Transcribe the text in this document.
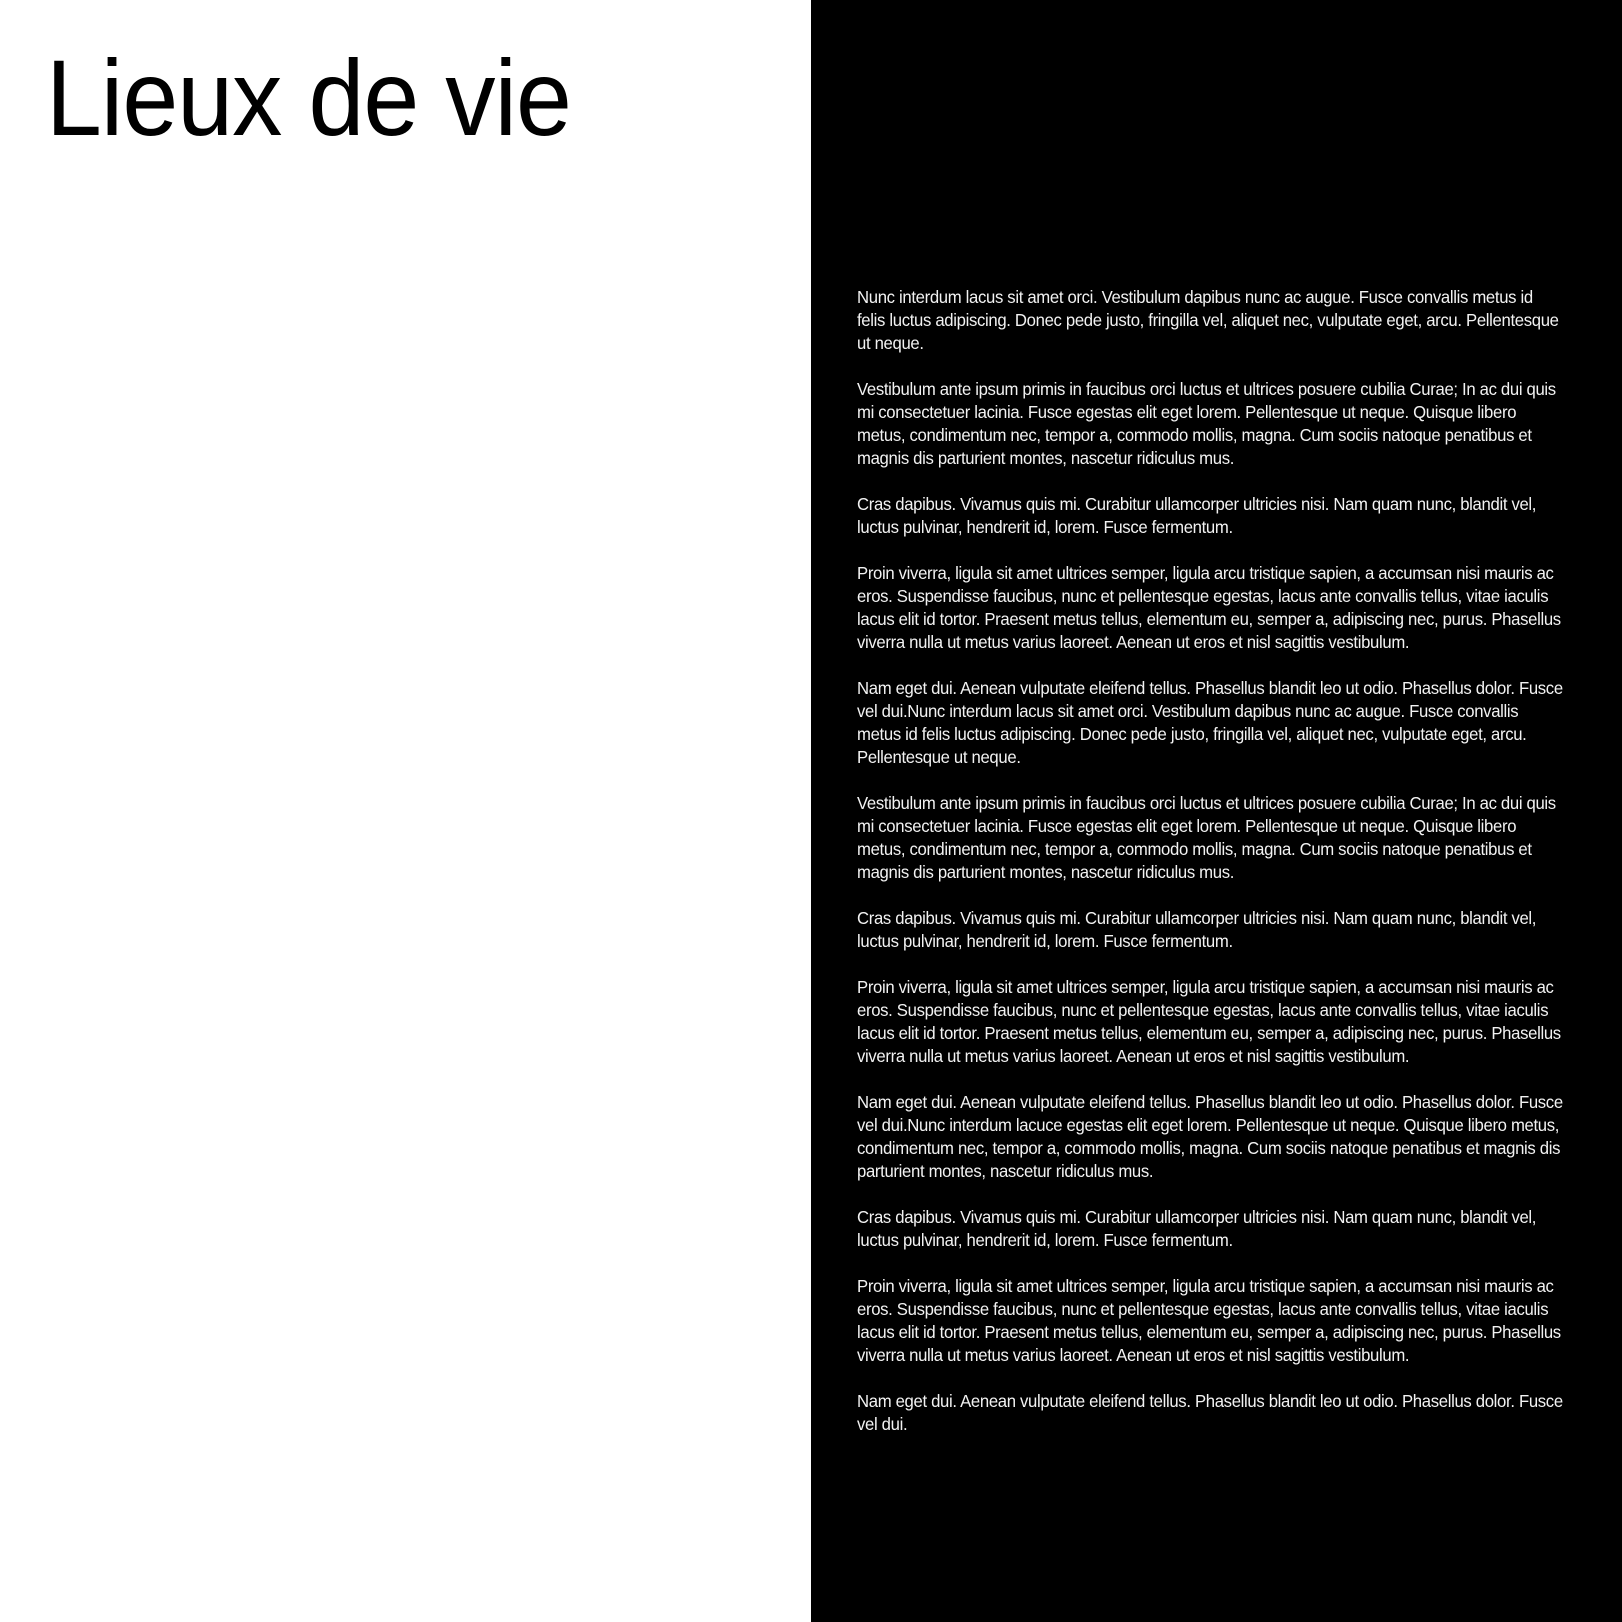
Lieux de vie

Nunc interdum lacus sit amet orci. Vestibulum dapibus nunc ac augue. Fusce convallis metus id felis luctus adipiscing. Donec pede justo, fringilla vel, aliquet nec, vulputate eget, arcu. Pellentesque ut neque.

Vestibulum ante ipsum primis in faucibus orci luctus et ultrices posuere cubilia Curae; In ac dui quis mi consectetuer lacinia. Fusce egestas elit eget lorem. Pellentesque ut neque. Quisque libero metus, condimentum nec, tempor a, commodo mollis, magna. Cum sociis natoque penatibus et magnis dis parturient montes, nascetur ridiculus mus.

Cras dapibus. Vivamus quis mi. Curabitur ullamcorper ultricies nisi. Nam quam nunc, blandit vel, luctus pulvinar, hendrerit id, lorem. Fusce fermentum.

Proin viverra, ligula sit amet ultrices semper, ligula arcu tristique sapien, a accumsan nisi mauris ac eros. Suspendisse faucibus, nunc et pellentesque egestas, lacus ante convallis tellus, vitae iaculis lacus elit id tortor. Praesent metus tellus, elementum eu, semper a, adipiscing nec, purus. Phasellus viverra nulla ut metus varius laoreet. Aenean ut eros et nisl sagittis vestibulum.

Nam eget dui. Aenean vulputate eleifend tellus. Phasellus blandit leo ut odio. Phasellus dolor. Fusce vel dui.Nunc interdum lacus sit amet orci. Vestibulum dapibus nunc ac augue. Fusce convallis metus id felis luctus adipiscing. Donec pede justo, fringilla vel, aliquet nec, vulputate eget, arcu. Pellentesque ut neque.

Vestibulum ante ipsum primis in faucibus orci luctus et ultrices posuere cubilia Curae; In ac dui quis mi consectetuer lacinia. Fusce egestas elit eget lorem. Pellentesque ut neque. Quisque libero metus, condimentum nec, tempor a, commodo mollis, magna. Cum sociis natoque penatibus et magnis dis parturient montes, nascetur ridiculus mus.

Cras dapibus. Vivamus quis mi. Curabitur ullamcorper ultricies nisi. Nam quam nunc, blandit vel, luctus pulvinar, hendrerit id, lorem. Fusce fermentum.

Proin viverra, ligula sit amet ultrices semper, ligula arcu tristique sapien, a accumsan nisi mauris ac eros. Suspendisse faucibus, nunc et pellentesque egestas, lacus ante convallis tellus, vitae iaculis lacus elit id tortor. Praesent metus tellus, elementum eu, semper a, adipiscing nec, purus. Phasellus viverra nulla ut metus varius laoreet. Aenean ut eros et nisl sagittis vestibulum.

Nam eget dui. Aenean vulputate eleifend tellus. Phasellus blandit leo ut odio. Phasellus dolor. Fusce vel dui.Nunc interdum lacuce egestas elit eget lorem. Pellentesque ut neque. Quisque libero metus, condimentum nec, tempor a, commodo mollis, magna. Cum sociis natoque penatibus et magnis dis parturient montes, nascetur ridiculus mus.

Cras dapibus. Vivamus quis mi. Curabitur ullamcorper ultricies nisi. Nam quam nunc, blandit vel, luctus pulvinar, hendrerit id, lorem. Fusce fermentum.

Proin viverra, ligula sit amet ultrices semper, ligula arcu tristique sapien, a accumsan nisi mauris ac eros. Suspendisse faucibus, nunc et pellentesque egestas, lacus ante convallis tellus, vitae iaculis lacus elit id tortor. Praesent metus tellus, elementum eu, semper a, adipiscing nec, purus. Phasellus viverra nulla ut metus varius laoreet. Aenean ut eros et nisl sagittis vestibulum.

Nam eget dui. Aenean vulputate eleifend tellus. Phasellus blandit leo ut odio. Phasellus dolor. Fusce vel dui.
